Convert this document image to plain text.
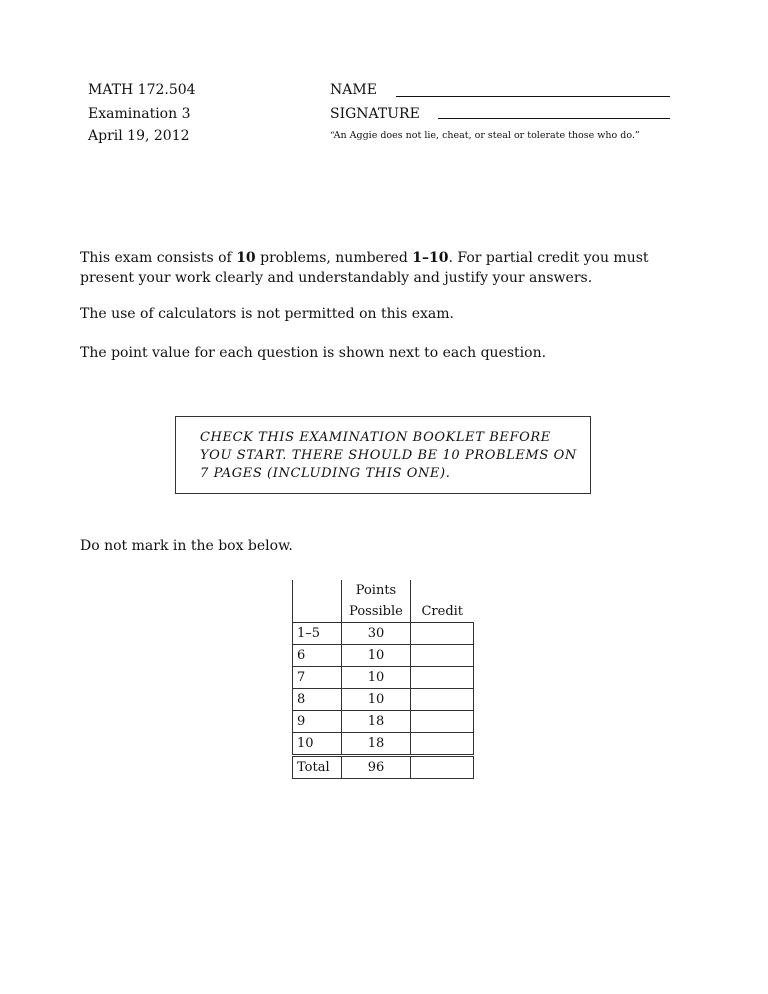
MATH 172.504
Examination 3
April 19, 2012
NAME
SIGNATURE
“An Aggie does not lie, cheat, or steal or tolerate those who do.”
This exam consists of 10 problems, numbered 1–10. For partial credit you must present your work clearly and understandably and justify your answers.
The use of calculators is not permitted on this exam.
The point value for each question is shown next to each question.
CHECK THIS EXAMINATION BOOKLET BEFORE YOU START. THERE SHOULD BE 10 PROBLEMS ON 7 PAGES (INCLUDING THIS ONE).
Do not mark in the box below.
	Points Possible	Credit
1–5	30	
6	10	
7	10	
8	10	
9	18	
10	18	
Total	96	
